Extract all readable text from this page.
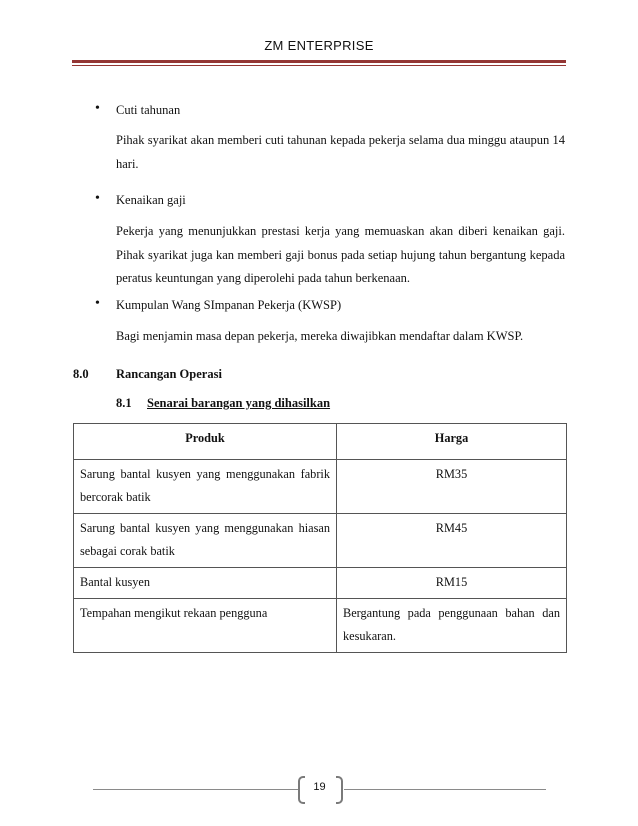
ZM ENTERPRISE
• Cuti tahunan

Pihak syarikat akan memberi cuti tahunan kepada pekerja selama dua minggu ataupun 14 hari.

• Kenaikan gaji

Pekerja yang menunjukkan prestasi kerja yang memuaskan akan diberi kenaikan gaji. Pihak syarikat juga kan memberi gaji bonus pada setiap hujung tahun bergantung kepada peratus keuntungan yang diperolehi pada tahun berkenaan.

• Kumpulan Wang SImpanan Pekerja (KWSP)

Bagi menjamin masa depan pekerja, mereka diwajibkan mendaftar dalam KWSP.

8.0 Rancangan Operasi
8.1 Senarai barangan yang dihasilkan
Produk	Harga
Sarung bantal kusyen yang menggunakan fabrik bercorak batik	RM35
Sarung bantal kusyen yang menggunakan hiasan sebagai corak batik	RM45
Bantal kusyen	RM15
Tempahan mengikut rekaan pengguna	Bergantung pada penggunaan bahan dan kesukaran.
19
